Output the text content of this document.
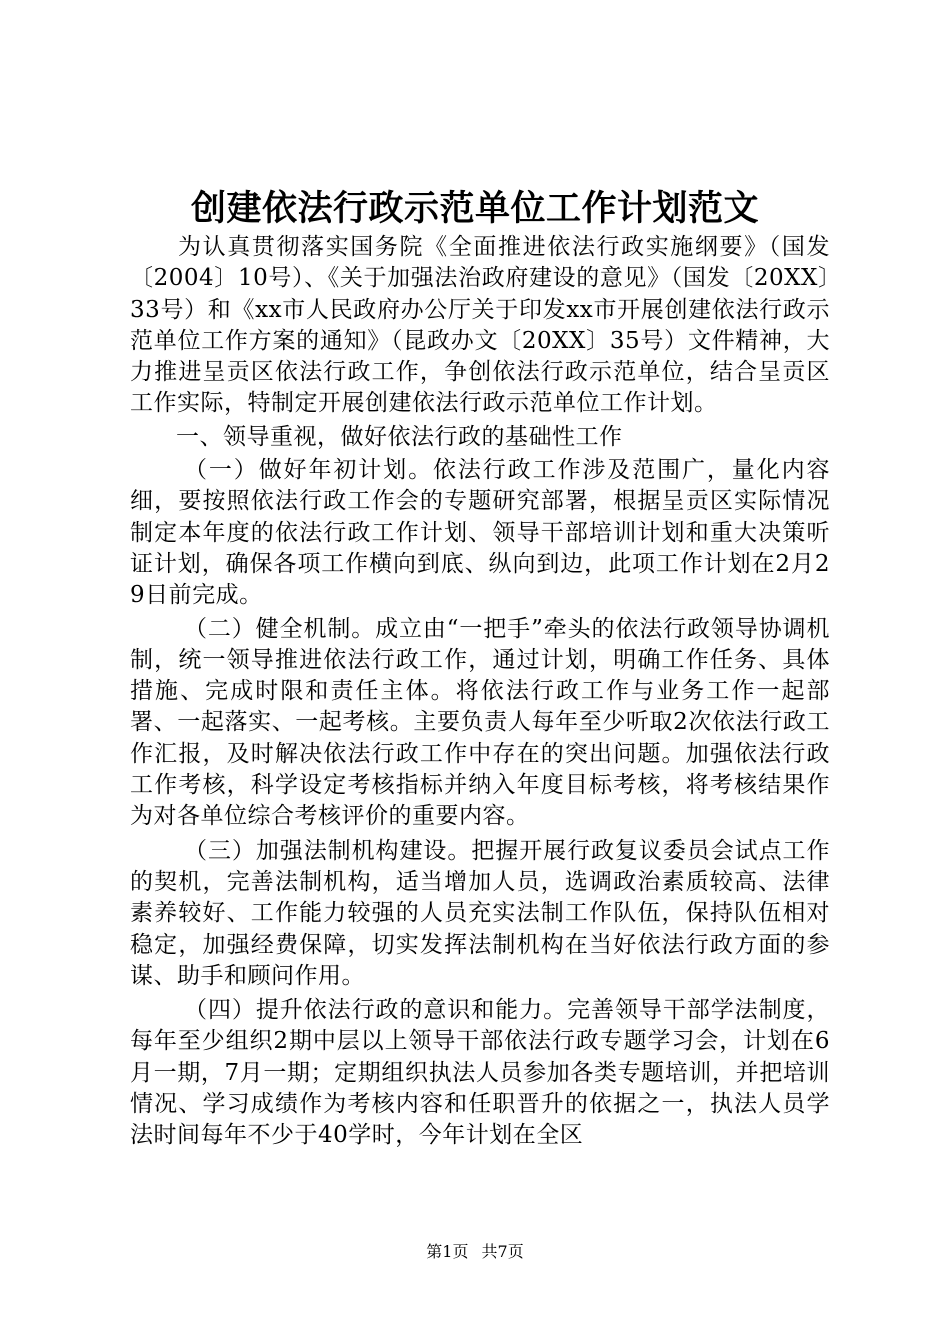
创建依法行政示范单位工作计划范文

为认真贯彻落实国务院《全面推进依法行政实施纲要》（国发〔2004〕10号）、《关于加强法治政府建设的意见》（国发〔20XX〕33号）和《xx市人民政府办公厅关于印发xx市开展创建依法行政示范单位工作方案的通知》（昆政办文〔20XX〕35号）文件精神，大力推进呈贡区依法行政工作，争创依法行政示范单位，结合呈贡区工作实际，特制定开展创建依法行政示范单位工作计划。

一、领导重视，做好依法行政的基础性工作

（一）做好年初计划。依法行政工作涉及范围广，量化内容细，要按照依法行政工作会的专题研究部署，根据呈贡区实际情况制定本年度的依法行政工作计划、领导干部培训计划和重大决策听证计划，确保各项工作横向到底、纵向到边，此项工作计划在2月29日前完成。

（二）健全机制。成立由“一把手”牵头的依法行政领导协调机制，统一领导推进依法行政工作，通过计划，明确工作任务、具体措施、完成时限和责任主体。将依法行政工作与业务工作一起部署、一起落实、一起考核。主要负责人每年至少听取2次依法行政工作汇报，及时解决依法行政工作中存在的突出问题。加强依法行政工作考核，科学设定考核指标并纳入年度目标考核，将考核结果作为对各单位综合考核评价的重要内容。

（三）加强法制机构建设。把握开展行政复议委员会试点工作的契机，完善法制机构，适当增加人员，选调政治素质较高、法律素养较好、工作能力较强的人员充实法制工作队伍，保持队伍相对稳定，加强经费保障，切实发挥法制机构在当好依法行政方面的参谋、助手和顾问作用。

（四）提升依法行政的意识和能力。完善领导干部学法制度，每年至少组织2期中层以上领导干部依法行政专题学习会，计划在6月一期，7月一期；定期组织执法人员参加各类专题培训，并把培训情况、学习成绩作为考核内容和任职晋升的依据之一，执法人员学法时间每年不少于40学时，今年计划在全区

第1页 共7页
